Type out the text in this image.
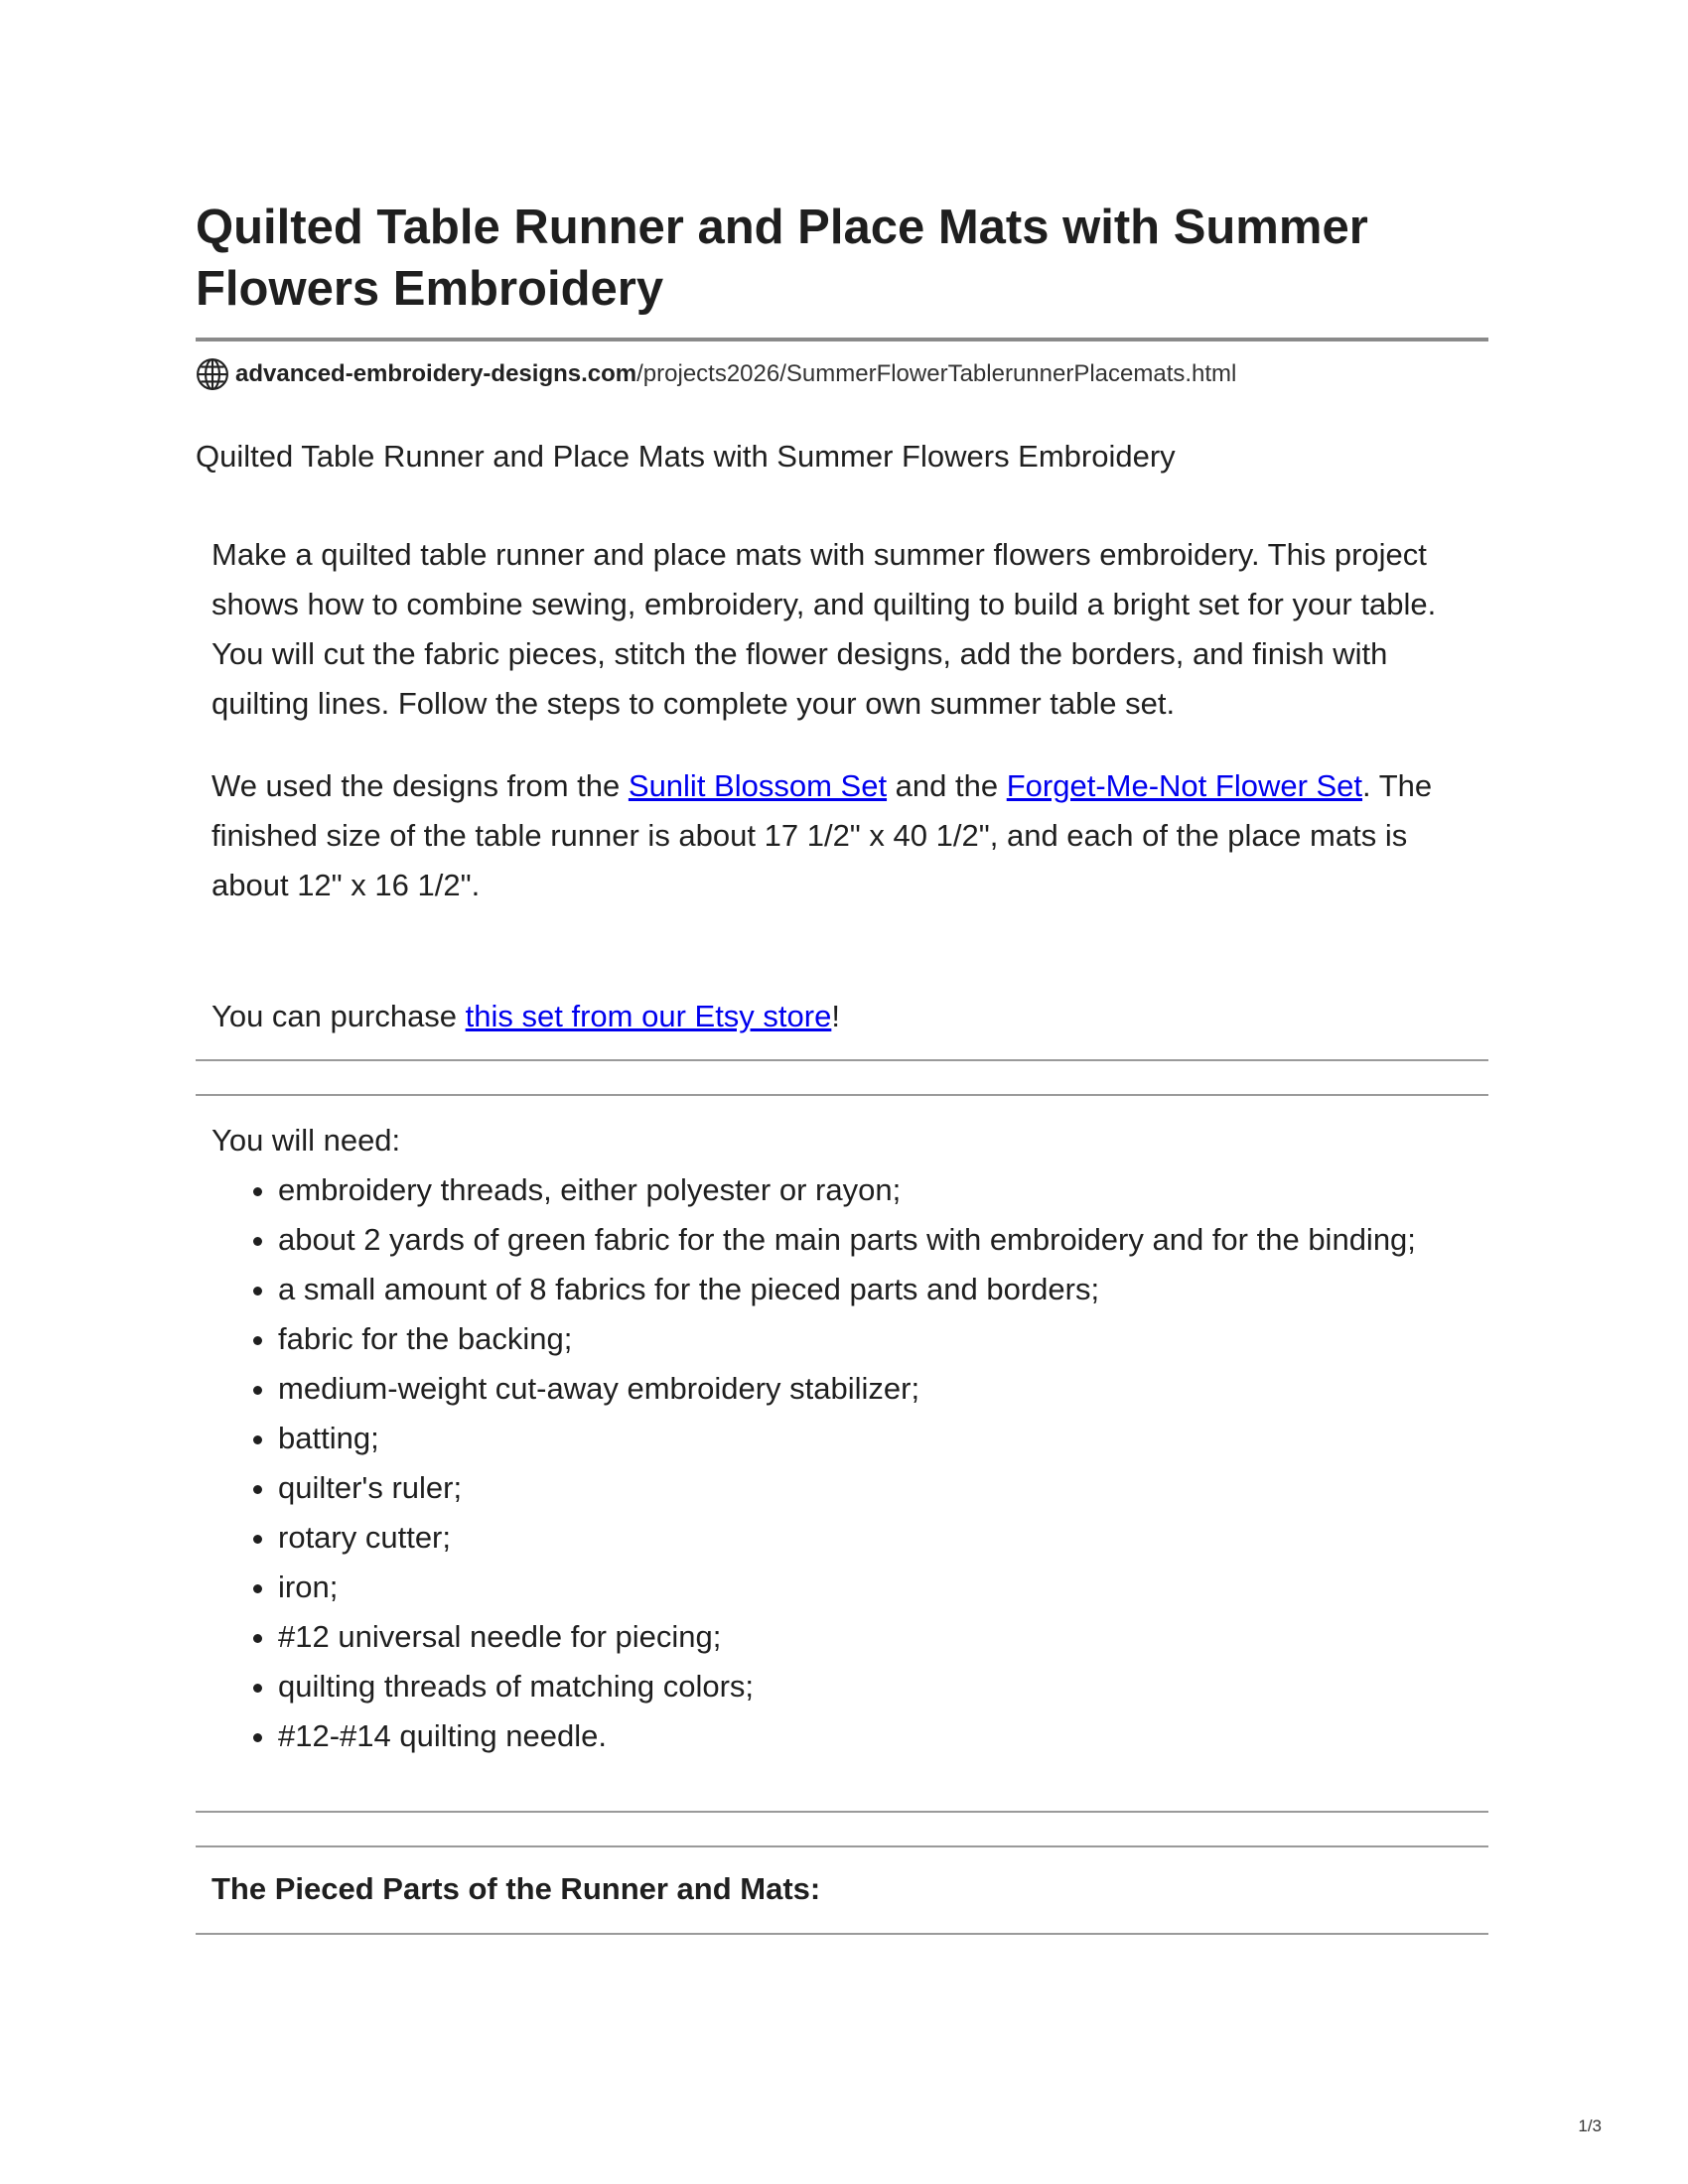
Quilted Table Runner and Place Mats with Summer Flowers Embroidery
advanced-embroidery-designs.com /projects2026/SummerFlowerTablerunnerPlacemats.html
Quilted Table Runner and Place Mats with Summer Flowers Embroidery

Make a quilted table runner and place mats with summer flowers embroidery. This project shows how to combine sewing, embroidery, and quilting to build a bright set for your table. You will cut the fabric pieces, stitch the flower designs, add the borders, and finish with quilting lines. Follow the steps to complete your own summer table set.

We used the designs from the Sunlit Blossom Set and the Forget-Me-Not Flower Set. The finished size of the table runner is about 17 1/2" x 40 1/2", and each of the place mats is about 12" x 16 1/2".

You can purchase this set from our Etsy store!

You will need:
• embroidery threads, either polyester or rayon;
• about 2 yards of green fabric for the main parts with embroidery and for the binding;
• a small amount of 8 fabrics for the pieced parts and borders;
• fabric for the backing;
• medium-weight cut-away embroidery stabilizer;
• batting;
• quilter's ruler;
• rotary cutter;
• iron;
• #12 universal needle for piecing;
• quilting threads of matching colors;
• #12-#14 quilting needle.
The Pieced Parts of the Runner and Mats:
1/3
